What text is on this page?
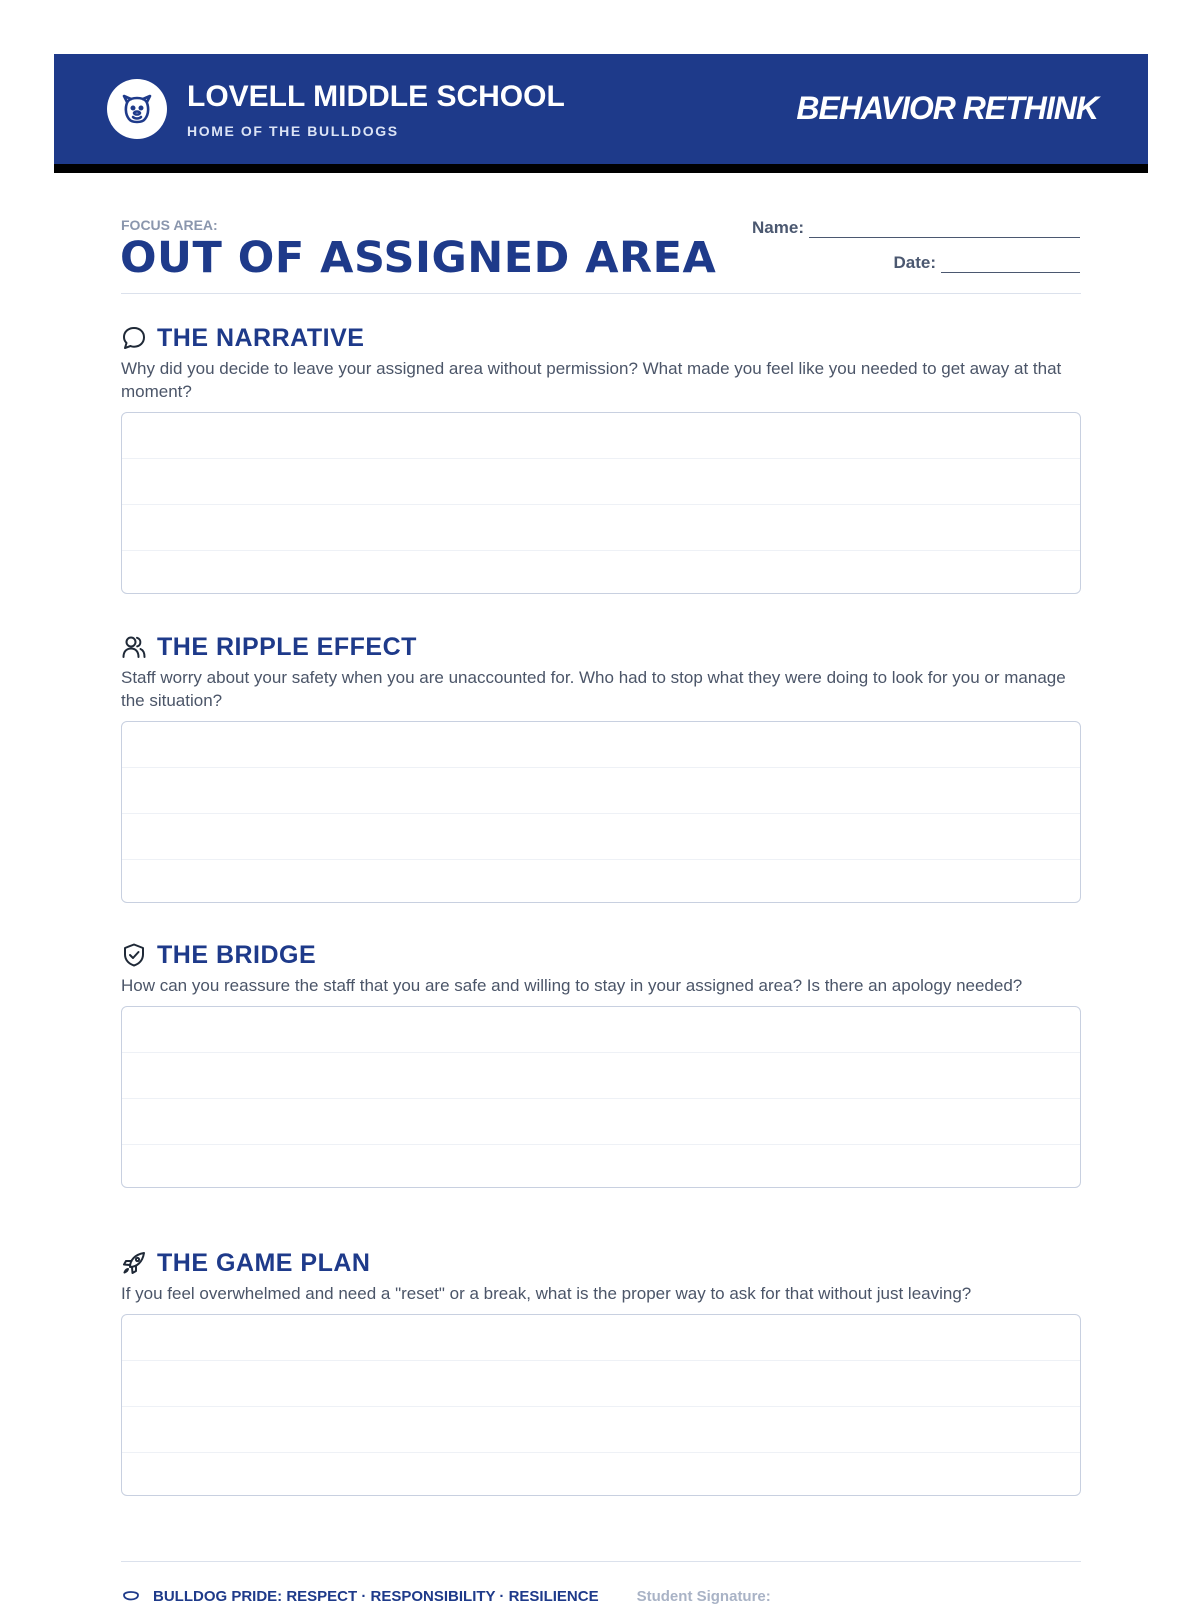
LOVELL MIDDLE SCHOOL
HOME OF THE BULLDOGS
BEHAVIOR RETHINK
FOCUS AREA:
OUT OF ASSIGNED AREA
Name:
Date:
THE NARRATIVE
Why did you decide to leave your assigned area without permission? What made you feel like you needed to get away at that moment?
THE RIPPLE EFFECT
Staff worry about your safety when you are unaccounted for. Who had to stop what they were doing to look for you or manage the situation?
THE BRIDGE
How can you reassure the staff that you are safe and willing to stay in your assigned area? Is there an apology needed?
THE GAME PLAN
If you feel overwhelmed and need a "reset" or a break, what is the proper way to ask for that without just leaving?
BULLDOG PRIDE: RESPECT · RESPONSIBILITY · RESILIENCE	Student Signature:
